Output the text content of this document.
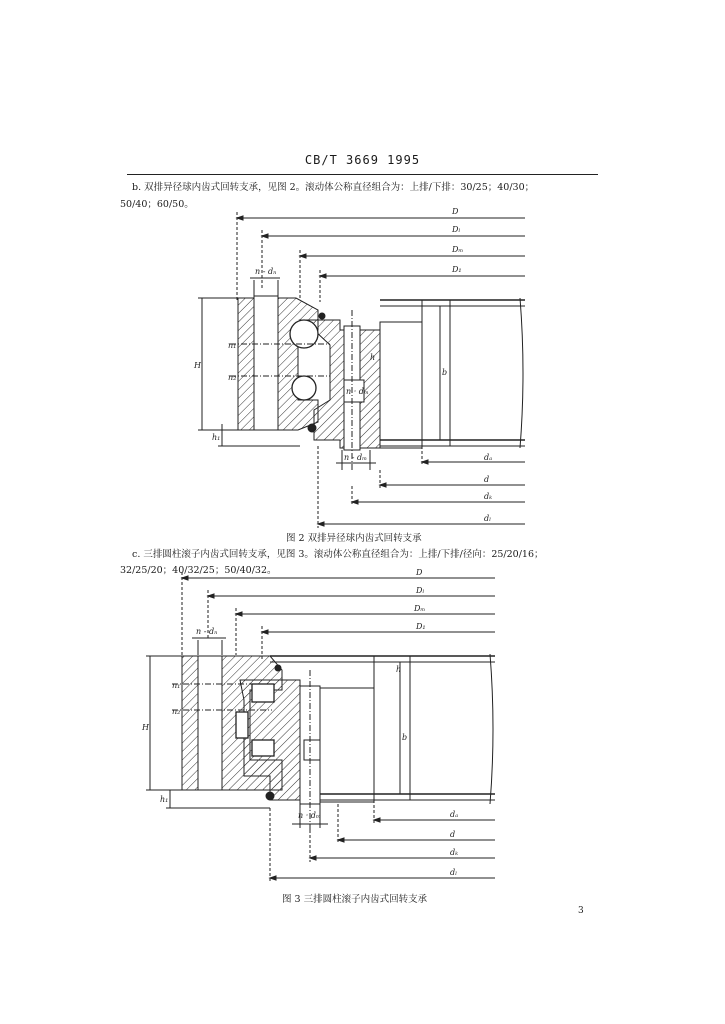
CB/T 3669 1995
b. 双排异径球内齿式回转支承，见图 2。滚动体公称直径组合为：上排/下排：30/25；40/30；
50/40；60/50。
D
Dₗ
Dₘ
D₁
n - dₙ
H
h
h₁
n₁
n₂
b
n · dₘ
n - dₘ	dₐ
d
dₖ
dₗ
图 2 双排异径球内齿式回转支承
c. 三排圆柱滚子内齿式回转支承，见图 3。滚动体公称直径组合为：上排/下排/径向：25/20/16；
32/25/20；40/32/25；50/40/32。	D
Dₗ
Dₘ
D₁
n - dₙ
H
h
h₁
n₁
n₂
b
n · dₘ	dₐ
d
dₖ
dₗ
图 3 三排圆柱滚子内齿式回转支承
3
